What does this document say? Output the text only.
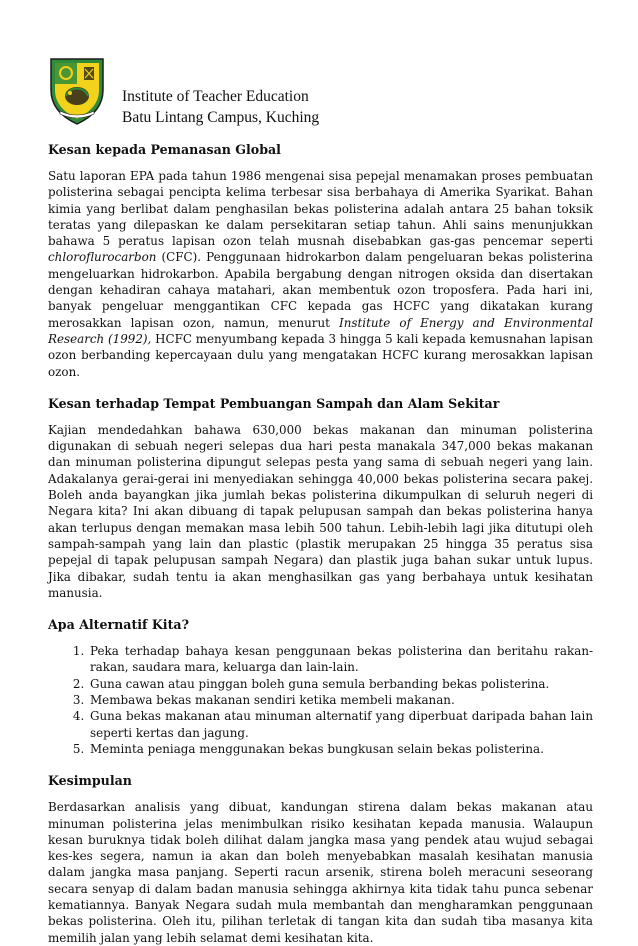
Institute of Teacher Education
Batu Lintang Campus, Kuching
Kesan kepada Pemanasan Global

Satu laporan EPA pada tahun 1986 mengenai sisa pepejal menamakan proses pembuatan polisterina sebagai pencipta kelima terbesar sisa berbahaya di Amerika Syarikat. Bahan kimia yang berlibat dalam penghasilan bekas polisterina adalah antara 25 bahan toksik teratas yang dilepaskan ke dalam persekitaran setiap tahun. Ahli sains menunjukkan bahawa 5 peratus lapisan ozon telah musnah disebabkan gas-gas pencemar seperti chloroflurocarbon (CFC). Penggunaan hidrokarbon dalam pengeluaran bekas polisterina mengeluarkan hidrokarbon. Apabila bergabung dengan nitrogen oksida dan disertakan dengan kehadiran cahaya matahari, akan membentuk ozon troposfera. Pada hari ini, banyak pengeluar menggantikan CFC kepada gas HCFC yang dikatakan kurang merosakkan lapisan ozon, namun, menurut Institute of Energy and Environmental Research (1992), HCFC menyumbang kepada 3 hingga 5 kali kepada kemusnahan lapisan ozon berbanding kepercayaan dulu yang mengatakan HCFC kurang merosakkan lapisan ozon.

Kesan terhadap Tempat Pembuangan Sampah dan Alam Sekitar

Kajian mendedahkan bahawa 630,000 bekas makanan dan minuman polisterina digunakan di sebuah negeri selepas dua hari pesta manakala 347,000 bekas makanan dan minuman polisterina dipungut selepas pesta yang sama di sebuah negeri yang lain. Adakalanya gerai-gerai ini menyediakan sehingga 40,000 bekas polisterina secara pakej. Boleh anda bayangkan jika jumlah bekas polisterina dikumpulkan di seluruh negeri di Negara kita? Ini akan dibuang di tapak pelupusan sampah dan bekas polisterina hanya akan terlupus dengan memakan masa lebih 500 tahun. Lebih-lebih lagi jika ditutupi oleh sampah-sampah yang lain dan plastic (plastik merupakan 25 hingga 35 peratus sisa pepejal di tapak pelupusan sampah Negara) dan plastik juga bahan sukar untuk lupus. Jika dibakar, sudah tentu ia akan menghasilkan gas yang berbahaya untuk kesihatan manusia.

Apa Alternatif Kita?
1. Peka terhadap bahaya kesan penggunaan bekas polisterina dan beritahu rakan-rakan, saudara mara, keluarga dan lain-lain.
2. Guna cawan atau pinggan boleh guna semula berbanding bekas polisterina.
3. Membawa bekas makanan sendiri ketika membeli makanan.
4. Guna bekas makanan atau minuman alternatif yang diperbuat daripada bahan lain seperti kertas dan jagung.
5. Meminta peniaga menggunakan bekas bungkusan selain bekas polisterina.
Kesimpulan

Berdasarkan analisis yang dibuat, kandungan stirena dalam bekas makanan atau minuman polisterina jelas menimbulkan risiko kesihatan kepada manusia. Walaupun kesan buruknya tidak boleh dilihat dalam jangka masa yang pendek atau wujud sebagai kes-kes segera, namun ia akan dan boleh menyebabkan masalah kesihatan manusia dalam jangka masa panjang. Seperti racun arsenik, stirena boleh meracuni seseorang secara senyap di dalam badan manusia sehingga akhirnya kita tidak tahu punca sebenar kematiannya. Banyak Negara sudah mula membantah dan mengharamkan penggunaan bekas polisterina. Oleh itu, pilihan terletak di tangan kita dan sudah tiba masanya kita memilih jalan yang lebih selamat demi kesihatan kita.
